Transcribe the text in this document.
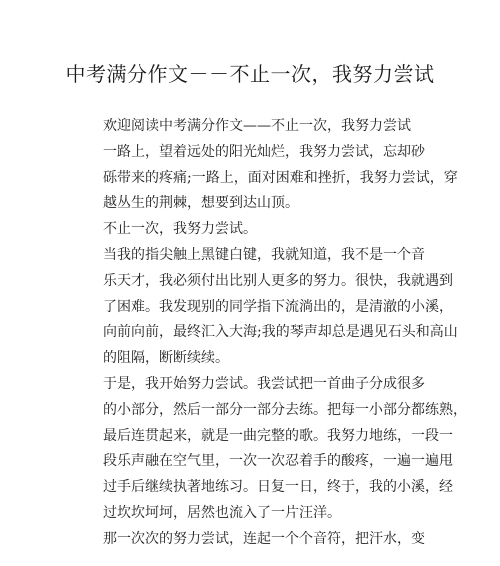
中考满分作文－－不止一次，我努力尝试
欢迎阅读中考满分作文——不止一次，我努力尝试
一路上，望着远处的阳光灿烂，我努力尝试，忘却砂
砾带来的疼痛;一路上，面对困难和挫折，我努力尝试，穿
越丛生的荆棘，想要到达山顶。
不止一次，我努力尝试。
当我的指尖触上黑键白键，我就知道，我不是一个音
乐天才，我必须付出比别人更多的努力。很快，我就遇到
了困难。我发现别的同学指下流淌出的，是清澈的小溪，
向前向前，最终汇入大海;我的琴声却总是遇见石头和高山
的阻隔，断断续续。
于是，我开始努力尝试。我尝试把一首曲子分成很多
的小部分，然后一部分一部分去练。把每一小部分都练熟，
最后连贯起来，就是一曲完整的歌。我努力地练，一段一
段乐声融在空气里，一次一次忍着手的酸疼，一遍一遍甩
过手后继续执著地练习。日复一日，终于，我的小溪，经
过坎坎坷坷，居然也流入了一片汪洋。
那一次次的努力尝试，连起一个个音符，把汗水，变
